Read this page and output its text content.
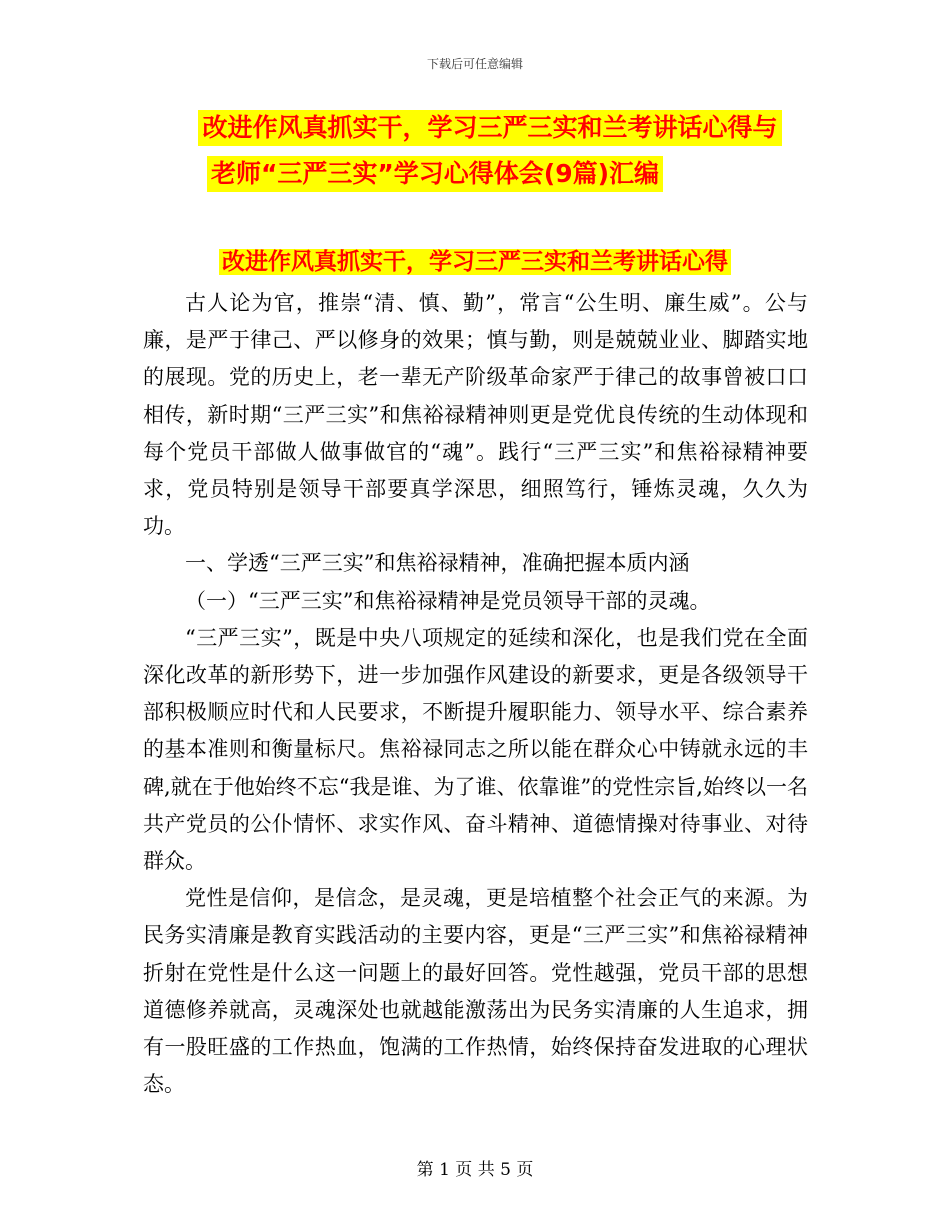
下载后可任意编辑
改进作风真抓实干，学习三严三实和兰考讲话心得与
老师“三严三实”学习心得体会(9篇)汇编
改进作风真抓实干，学习三严三实和兰考讲话心得

古人论为官，推崇“清、慎、勤”，常言“公生明、廉生威”。公与廉，是严于律己、严以修身的效果；慎与勤，则是兢兢业业、脚踏实地的展现。党的历史上，老一辈无产阶级革命家严于律己的故事曾被口口相传，新时期“三严三实”和焦裕禄精神则更是党优良传统的生动体现和每个党员干部做人做事做官的“魂”。践行“三严三实”和焦裕禄精神要求，党员特别是领导干部要真学深思，细照笃行，锤炼灵魂，久久为功。

一、学透“三严三实”和焦裕禄精神，准确把握本质内涵

（一）“三严三实”和焦裕禄精神是党员领导干部的灵魂。

“三严三实”，既是中央八项规定的延续和深化，也是我们党在全面深化改革的新形势下，进一步加强作风建设的新要求，更是各级领导干部积极顺应时代和人民要求，不断提升履职能力、领导水平、综合素养的基本准则和衡量标尺。焦裕禄同志之所以能在群众心中铸就永远的丰碑,就在于他始终不忘“我是谁、为了谁、依靠谁”的党性宗旨,始终以一名共产党员的公仆情怀、求实作风、奋斗精神、道德情操对待事业、对待群众。

党性是信仰，是信念，是灵魂，更是培植整个社会正气的来源。为民务实清廉是教育实践活动的主要内容，更是“三严三实”和焦裕禄精神折射在党性是什么这一问题上的最好回答。党性越强，党员干部的思想道德修养就高，灵魂深处也就越能激荡出为民务实清廉的人生追求，拥有一股旺盛的工作热血，饱满的工作热情，始终保持奋发进取的心理状态。

第 1 页 共 5 页
